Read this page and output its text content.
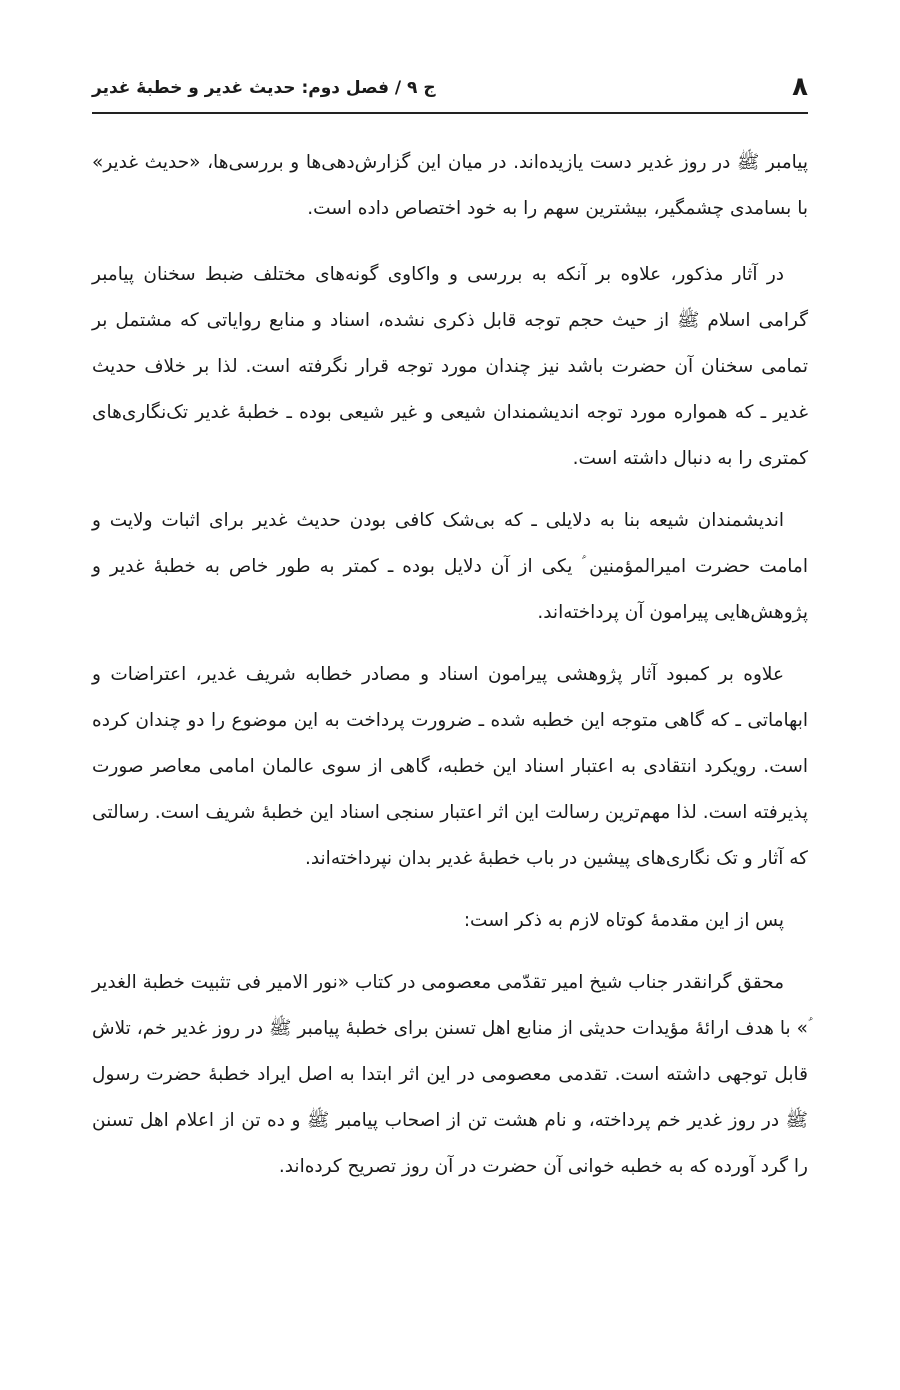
۸
ج ۹ / فصل دوم: حدیث غدیر و خطبهٔ غدیر

پیامبر ﷺ در روز غدیر دست یازیده‌اند. در میان این گزارش‌دهی‌ها و بررسی‌ها، «حدیث غدیر» با بسامدی چشمگیر، بیشترین سهم را به خود اختصاص داده است.

در آثار مذکور، علاوه بر آنکه به بررسی و واکاوی گونه‌های مختلف ضبط سخنان پیامبر گرامی اسلام ﷺ از حیث حجم توجه قابل ذکری نشده، اسناد و منابع روایاتی که مشتمل بر تمامی سخنان آن حضرت باشد نیز چندان مورد توجه قرار نگرفته است. لذا بر خلاف حدیث غدیر ـ که همواره مورد توجه اندیشمندان شیعی و غیر شیعی بوده ـ خطبهٔ غدیر تک‌نگاری‌های کمتری را به دنبال داشته است.

اندیشمندان شیعه بنا به دلایلی ـ که بی‌شک کافی بودن حدیث غدیر برای اثبات ولایت و امامت حضرت امیرالمؤمنین ؑ یکی از آن دلایل بوده ـ کمتر به طور خاص به خطبهٔ غدیر و پژوهش‌هایی پیرامون آن پرداخته‌اند.

علاوه بر کمبود آثار پژوهشی پیرامون اسناد و مصادر خطابه شریف غدیر، اعتراضات و ابهاماتی ـ که گاهی متوجه این خطبه شده ـ ضرورت پرداخت به این موضوع را دو چندان کرده است. رویکرد انتقادی به اعتبار اسناد این خطبه، گاهی از سوی عالمان امامی معاصر صورت پذیرفته است. لذا مهم‌ترین رسالت این اثر اعتبار سنجی اسناد این خطبهٔ شریف است. رسالتی که آثار و تک نگاری‌های پیشین در باب خطبهٔ غدیر بدان نپرداخته‌اند.

پس از این مقدمهٔ کوتاه لازم به ذکر است:

محقق گرانقدر جناب شیخ امیر تقدّمی معصومی در کتاب «نور الامیر فی تثبیت خطبة الغدیر ؑ» با هدف ارائهٔ مؤیدات حدیثی از منابع اهل تسنن برای خطبهٔ پیامبر ﷺ در روز غدیر خم، تلاش قابل توجهی داشته است. تقدمی معصومی در این اثر ابتدا به اصل ایراد خطبهٔ حضرت رسول ﷺ در روز غدیر خم پرداخته، و نام هشت تن از اصحاب پیامبر ﷺ و ده تن از اعلام اهل تسنن را گرد آورده که به خطبه خوانی آن حضرت در آن روز تصریح کرده‌اند.
